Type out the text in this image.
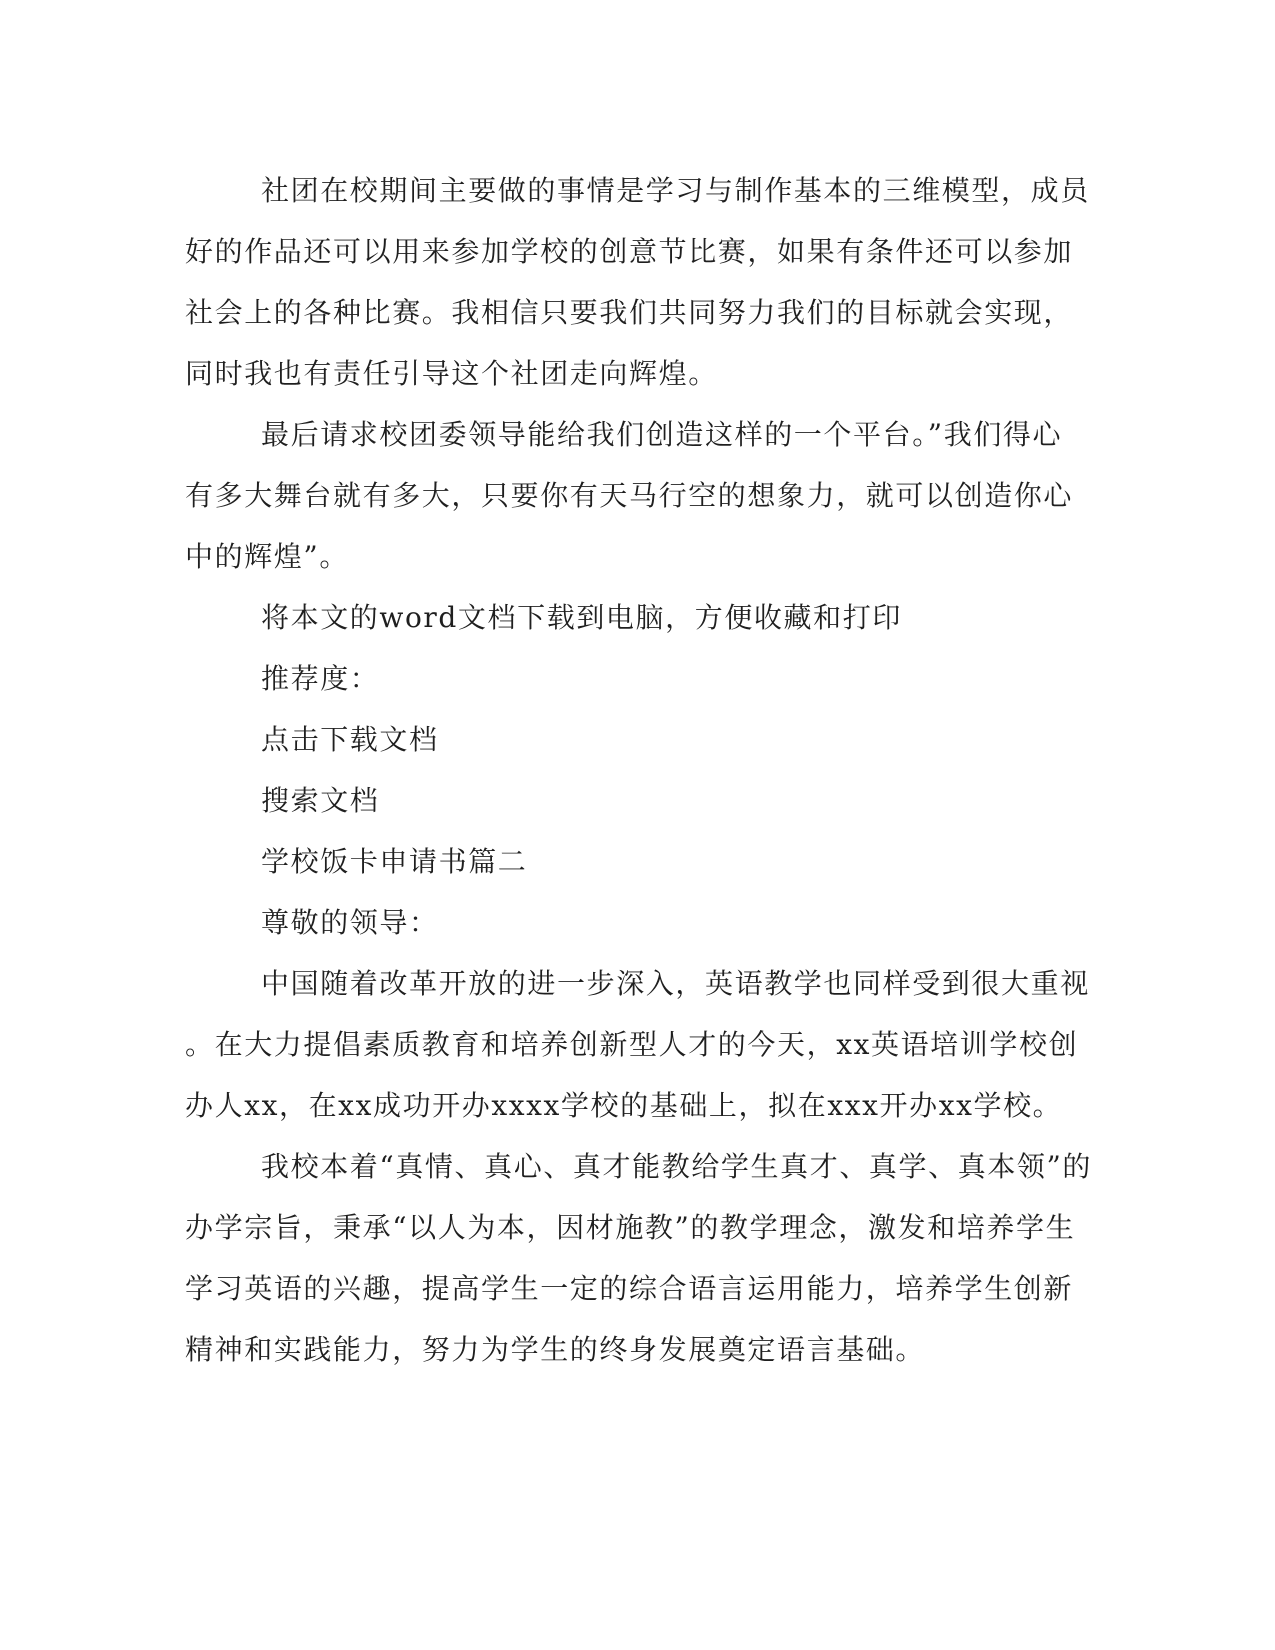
社团在校期间主要做的事情是学习与制作基本的三维模型，成员
好的作品还可以用来参加学校的创意节比赛，如果有条件还可以参加
社会上的各种比赛。我相信只要我们共同努力我们的目标就会实现，
同时我也有责任引导这个社团走向辉煌。
最后请求校团委领导能给我们创造这样的一个平台。”我们得心
有多大舞台就有多大，只要你有天马行空的想象力，就可以创造你心
中的辉煌”。
将本文的word文档下载到电脑，方便收藏和打印
推荐度：
点击下载文档
搜索文档
学校饭卡申请书篇二
尊敬的领导：
中国随着改革开放的进一步深入，英语教学也同样受到很大重视
。在大力提倡素质教育和培养创新型人才的今天，xx英语培训学校创
办人xx，在xx成功开办xxxx学校的基础上，拟在xxx开办xx学校。
我校本着“真情、真心、真才能教给学生真才、真学、真本领”的
办学宗旨，秉承“以人为本，因材施教”的教学理念，激发和培养学生
学习英语的兴趣，提高学生一定的综合语言运用能力，培养学生创新
精神和实践能力，努力为学生的终身发展奠定语言基础。
